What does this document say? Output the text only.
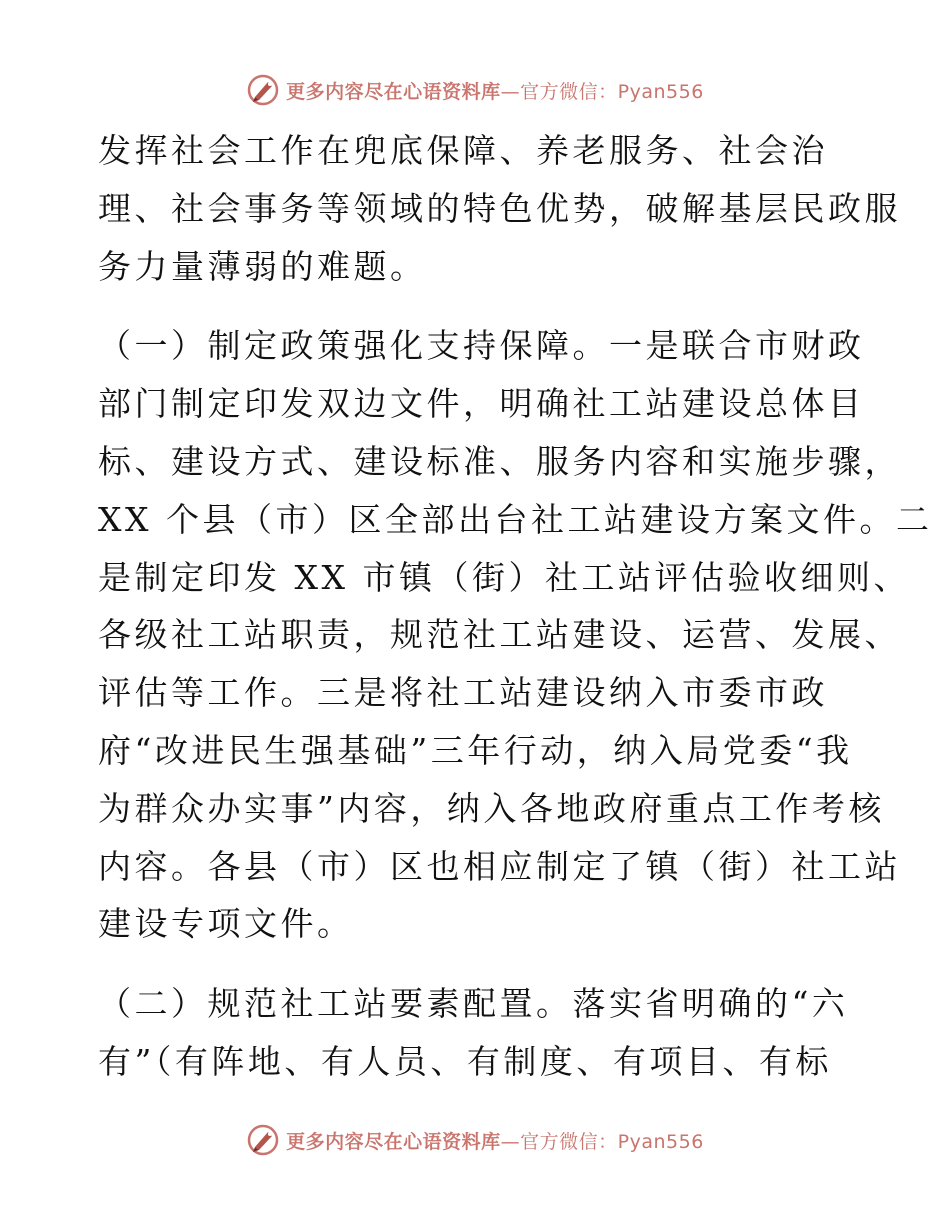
更多内容尽在心语资料库—官方微信：Pyan556

发挥社会工作在兜底保障、养老服务、社会治
理、社会事务等领域的特色优势，破解基层民政服
务力量薄弱的难题。

（一）制定政策强化支持保障。一是联合市财政
部门制定印发双边文件，明确社工站建设总体目
标、建设方式、建设标准、服务内容和实施步骤，
XX 个县（市）区全部出台社工站建设方案文件。二
是制定印发 XX 市镇（街）社工站评估验收细则、
各级社工站职责，规范社工站建设、运营、发展、
评估等工作。三是将社工站建设纳入市委市政
府“改进民生强基础”三年行动，纳入局党委“我
为群众办实事”内容，纳入各地政府重点工作考核
内容。各县（市）区也相应制定了镇（街）社工站
建设专项文件。

（二）规范社工站要素配置。落实省明确的“六
有”（有阵地、有人员、有制度、有项目、有标

更多内容尽在心语资料库—官方微信：Pyan556
